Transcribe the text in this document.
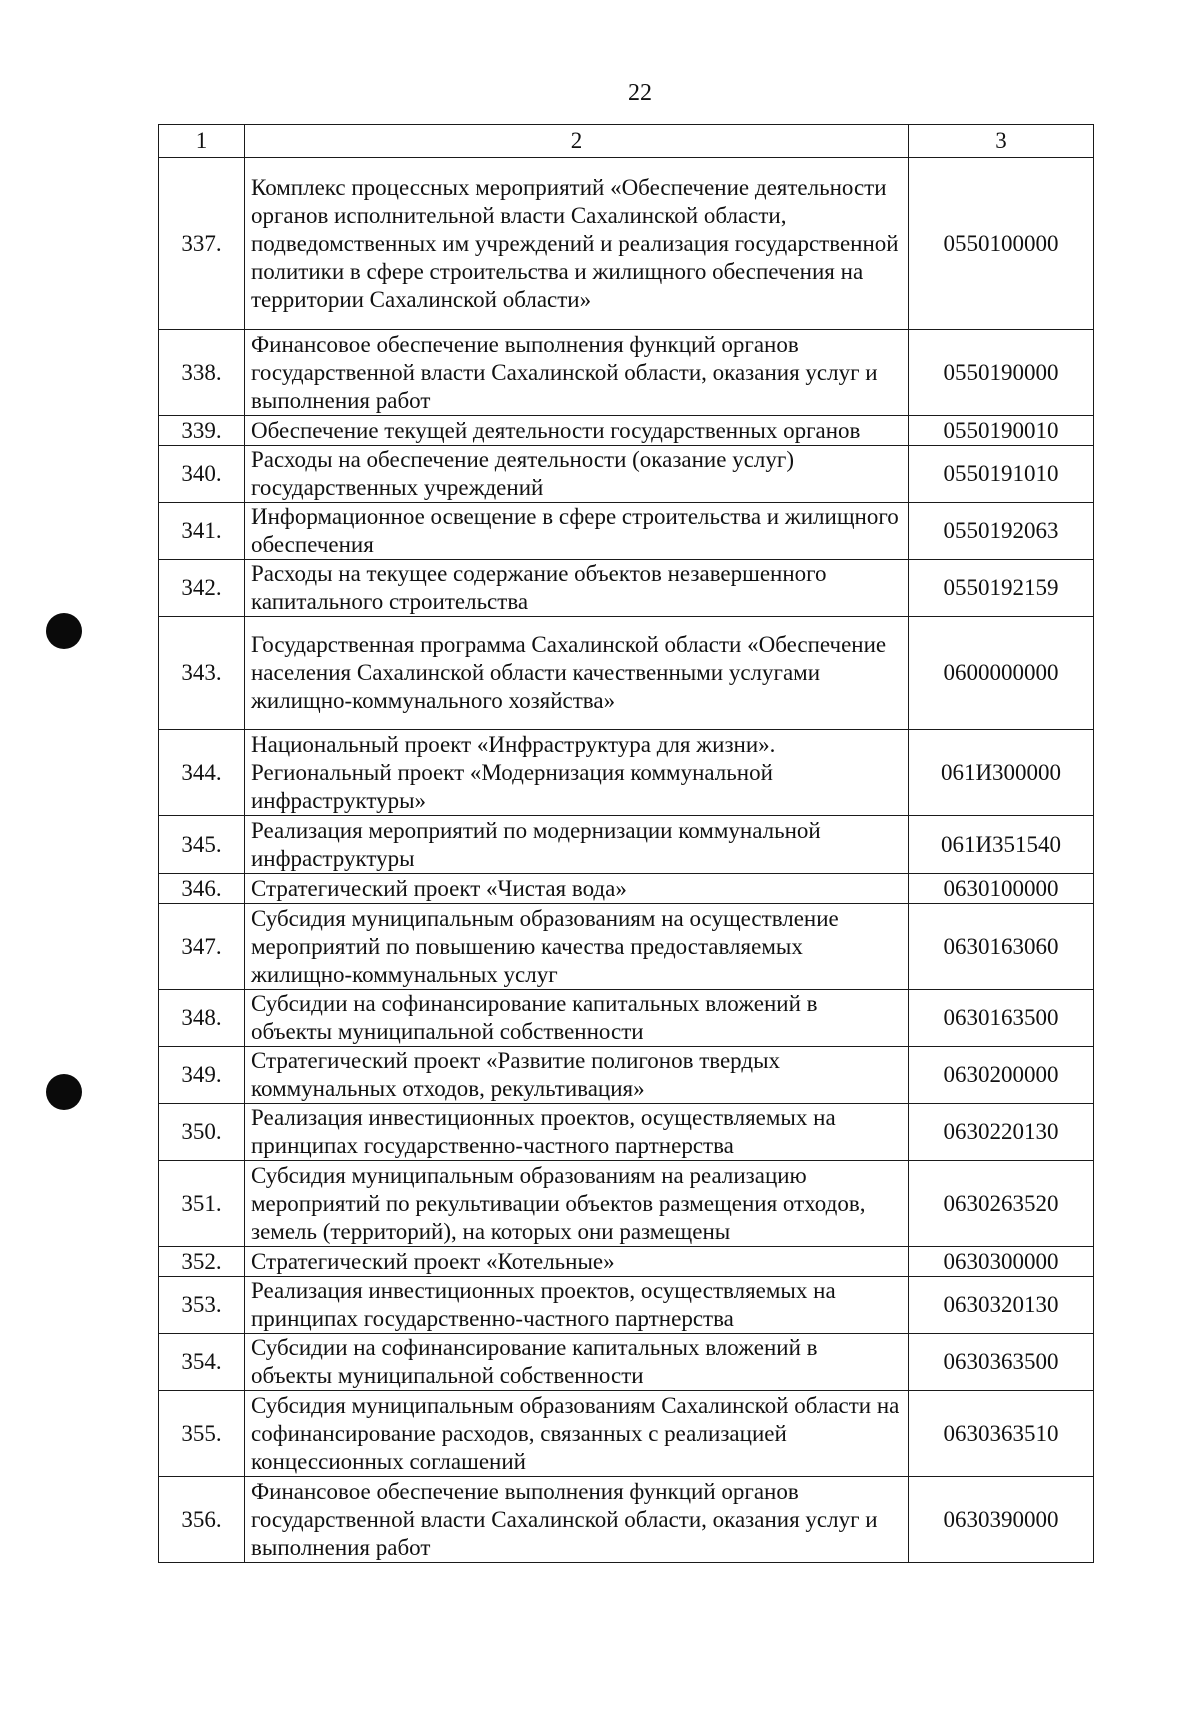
22
1	2	3
337.	Комплекс процессных мероприятий «Обеспечение деятельности органов исполнительной власти Сахалинской области, подведомственных им учреждений и реализация государственной политики в сфере строительства и жилищного обеспечения на территории Сахалинской области»	0550100000
338.	Финансовое обеспечение выполнения функций органов государственной власти Сахалинской области, оказания услуг и выполнения работ	0550190000
339.	Обеспечение текущей деятельности государственных органов	0550190010
340.	Расходы на обеспечение деятельности (оказание услуг) государственных учреждений	0550191010
341.	Информационное освещение в сфере строительства и жилищного обеспечения	0550192063
342.	Расходы на текущее содержание объектов незавершенного капитального строительства	0550192159
343.	Государственная программа Сахалинской области «Обеспечение населения Сахалинской области качественными услугами жилищно-коммунального хозяйства»	0600000000
344.	Национальный проект «Инфраструктура для жизни». Региональный проект «Модернизация коммунальной инфраструктуры»	061И300000
345.	Реализация мероприятий по модернизации коммунальной инфраструктуры	061И351540
346.	Стратегический проект «Чистая вода»	0630100000
347.	Субсидия муниципальным образованиям на осуществление мероприятий по повышению качества предоставляемых жилищно-коммунальных услуг	0630163060
348.	Субсидии на софинансирование капитальных вложений в объекты муниципальной собственности	0630163500
349.	Стратегический проект «Развитие полигонов твердых коммунальных отходов, рекультивация»	0630200000
350.	Реализация инвестиционных проектов, осуществляемых на принципах государственно-частного партнерства	0630220130
351.	Субсидия муниципальным образованиям на реализацию мероприятий по рекультивации объектов размещения отходов, земель (территорий), на которых они размещены	0630263520
352.	Стратегический проект «Котельные»	0630300000
353.	Реализация инвестиционных проектов, осуществляемых на принципах государственно-частного партнерства	0630320130
354.	Субсидии на софинансирование капитальных вложений в объекты муниципальной собственности	0630363500
355.	Субсидия муниципальным образованиям Сахалинской области на софинансирование расходов, связанных с реализацией концессионных соглашений	0630363510
356.	Финансовое обеспечение выполнения функций органов государственной власти Сахалинской области, оказания услуг и выполнения работ	0630390000
